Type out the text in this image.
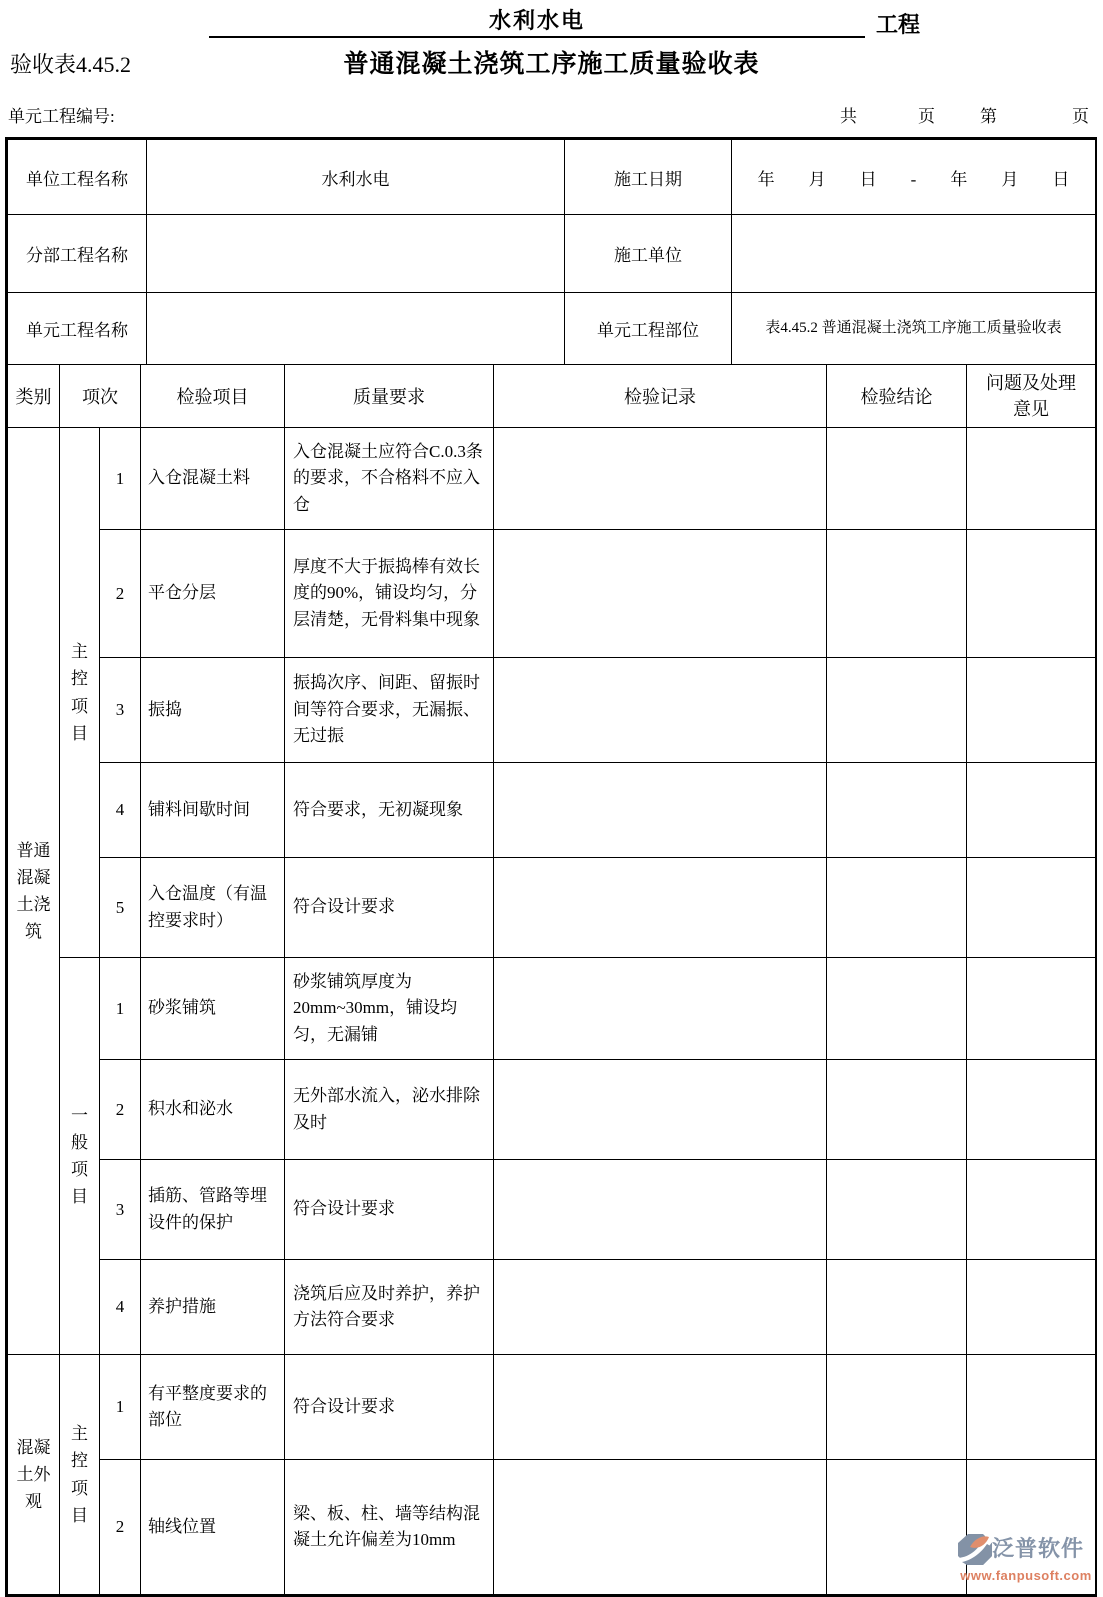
水利水电	工程
普通混凝土浇筑工序施工质量验收表
验收表4.45.2
单元工程编号:	共	页	第	页
单位工程名称	水利水电	施工日期	年　　月　　日　　-　　年　　月　　日
分部工程名称		施工单位	
单元工程名称		单元工程部位	表4.45.2 普通混凝土浇筑工序施工质量验收表
类别	项次		检验项目	质量要求	检验记录	检验结论	问题及处理意见

普通混凝土浇筑	主控项目	1	入仓混凝土料	入仓混凝土应符合C.0.3条的要求，不合格料不应入仓			
		2	平仓分层	厚度不大于振捣棒有效长度的90%，铺设均匀，分层清楚，无骨料集中现象			
		3	振捣	振捣次序、间距、留振时间等符合要求，无漏振、无过振			
		4	铺料间歇时间	符合要求，无初凝现象			
		5	入仓温度（有温控要求时）	符合设计要求			

	一般项目	1	砂浆铺筑	砂浆铺筑厚度为20mm~30mm，铺设均匀，无漏铺			
		2	积水和泌水	无外部水流入，泌水排除及时			
		3	插筋、管路等埋设件的保护	符合设计要求			
		4	养护措施	浇筑后应及时养护，养护方法符合要求			

混凝土外观	主控项目	1	有平整度要求的部位	符合设计要求			
		2	轴线位置	梁、板、柱、墙等结构混凝土允许偏差为10mm				泛普软件
www.fanpusoft.com
